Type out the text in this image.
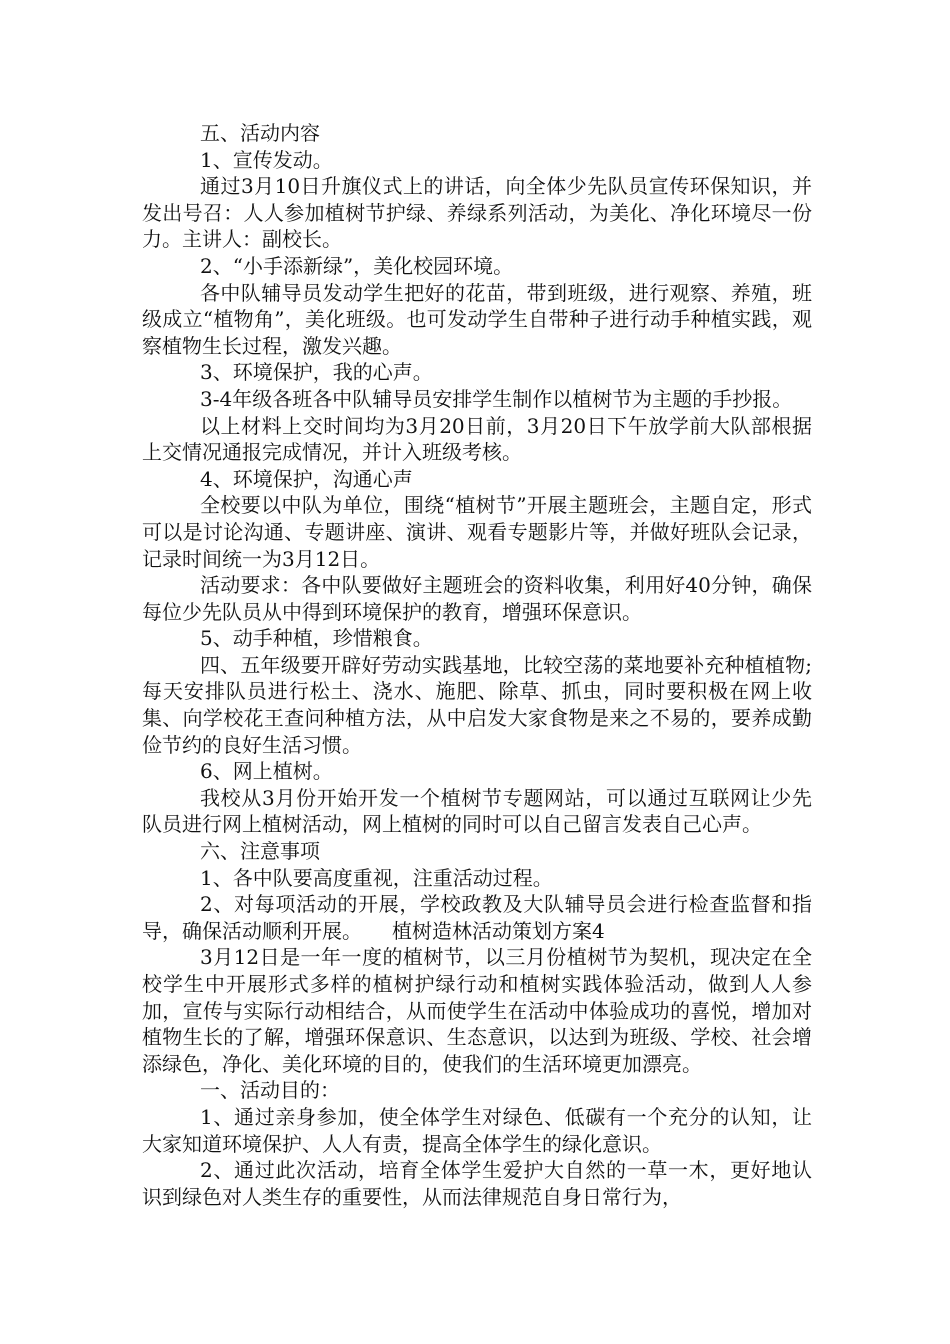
五、活动内容

1、宣传发动。

通过3月10日升旗仪式上的讲话，向全体少先队员宣传环保知识，并发出号召：人人参加植树节护绿、养绿系列活动，为美化、净化环境尽一份力。主讲人：副校长。

2、“小手添新绿”，美化校园环境。

各中队辅导员发动学生把好的花苗，带到班级，进行观察、养殖，班级成立“植物角”，美化班级。也可发动学生自带种子进行动手种植实践，观察植物生长过程，激发兴趣。

3、环境保护，我的心声。

3-4年级各班各中队辅导员安排学生制作以植树节为主题的手抄报。

以上材料上交时间均为3月20日前，3月20日下午放学前大队部根据上交情况通报完成情况，并计入班级考核。

4、环境保护，沟通心声

全校要以中队为单位，围绕“植树节”开展主题班会，主题自定，形式可以是讨论沟通、专题讲座、演讲、观看专题影片等，并做好班队会记录，记录时间统一为3月12日。

活动要求：各中队要做好主题班会的资料收集，利用好40分钟，确保每位少先队员从中得到环境保护的教育，增强环保意识。

5、动手种植，珍惜粮食。

四、五年级要开辟好劳动实践基地，比较空荡的菜地要补充种植植物;每天安排队员进行松土、浇水、施肥、除草、抓虫，同时要积极在网上收集、向学校花王查问种植方法，从中启发大家食物是来之不易的，要养成勤俭节约的良好生活习惯。

6、网上植树。

我校从3月份开始开发一个植树节专题网站，可以通过互联网让少先队员进行网上植树活动，网上植树的同时可以自己留言发表自己心声。

六、注意事项

1、各中队要高度重视，注重活动过程。

2、对每项活动的开展，学校政教及大队辅导员会进行检查监督和指导，确保活动顺利开展。　　植树造林活动策划方案4

3月12日是一年一度的植树节，以三月份植树节为契机，现决定在全校学生中开展形式多样的植树护绿行动和植树实践体验活动，做到人人参加，宣传与实际行动相结合，从而使学生在活动中体验成功的喜悦，增加对植物生长的了解，增强环保意识、生态意识，以达到为班级、学校、社会增添绿色，净化、美化环境的目的，使我们的生活环境更加漂亮。

一、活动目的：

1、通过亲身参加，使全体学生对绿色、低碳有一个充分的认知，让大家知道环境保护、人人有责，提高全体学生的绿化意识。

2、通过此次活动，培育全体学生爱护大自然的一草一木，更好地认识到绿色对人类生存的重要性，从而法律规范自身日常行为，
